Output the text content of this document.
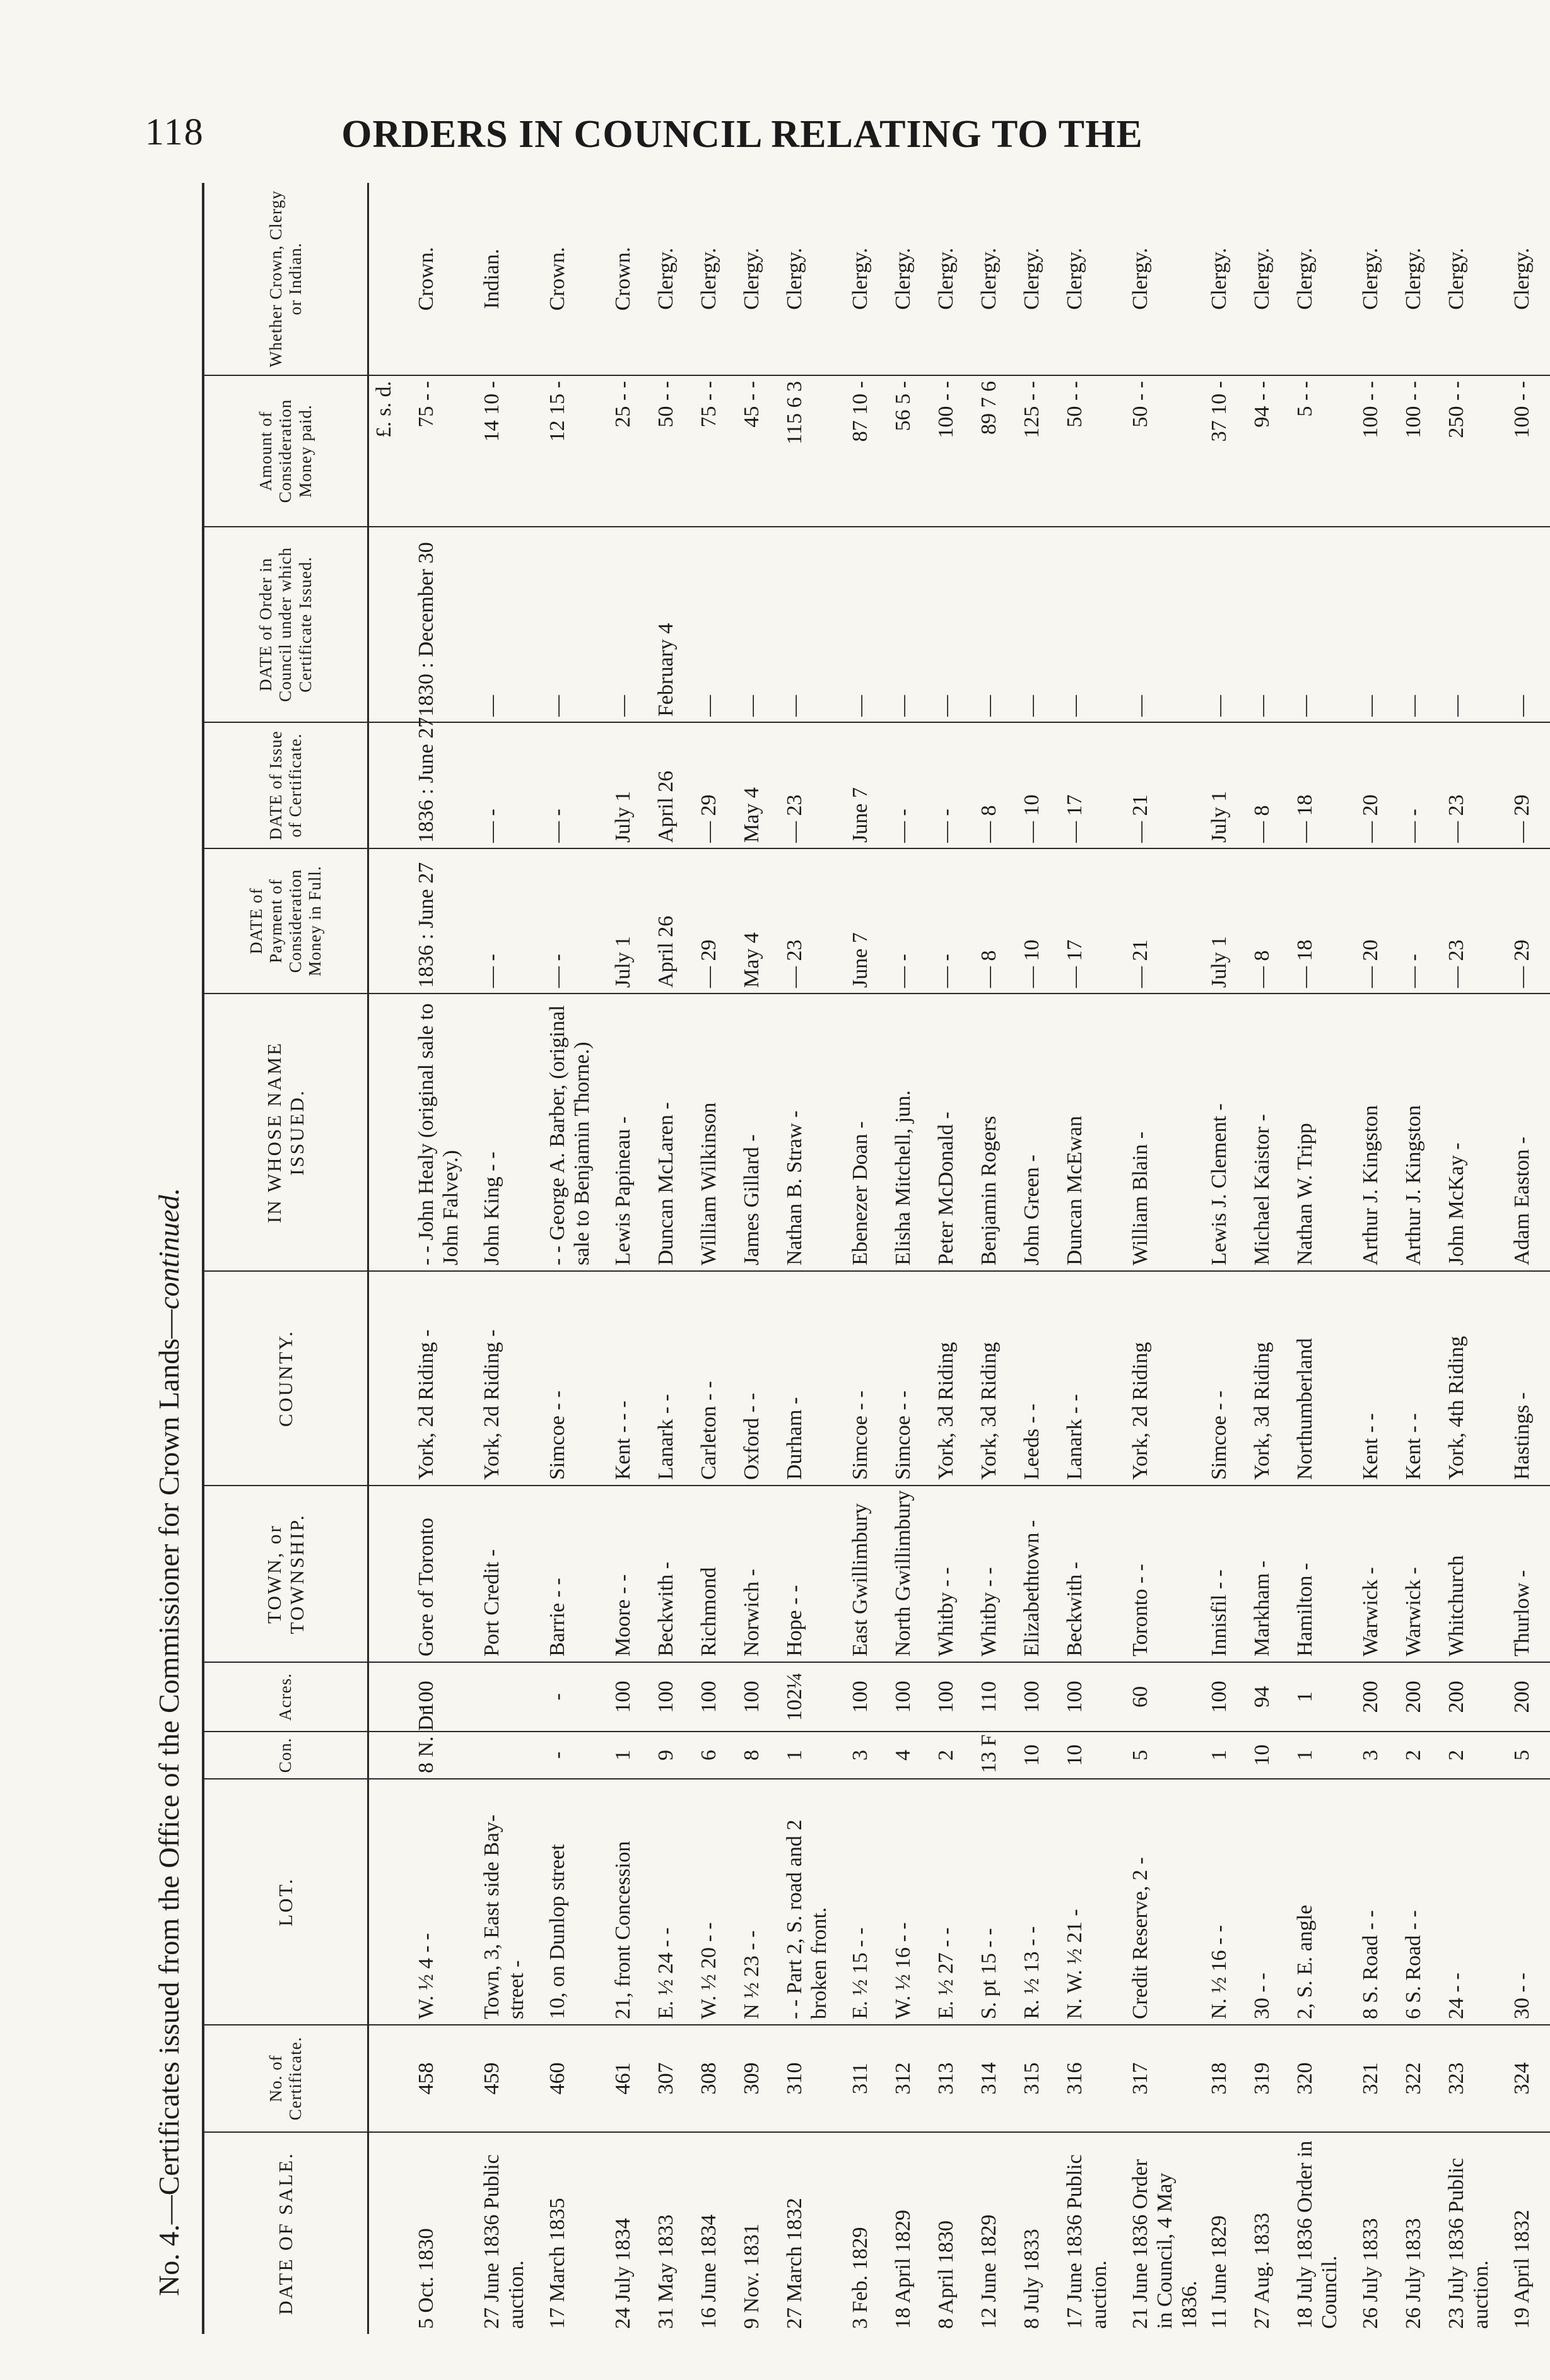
118	ORDERS IN COUNCIL RELATING TO THE
No. 4.—Certificates issued from the Office of the Commissioner for Crown Lands—continued.
DATE OF SALE.	No. of Certificate.	LOT.	Con.	Acres.	TOWN, or TOWNSHIP.	COUNTY.	IN WHOSE NAME ISSUED.	DATE of Payment of Consideration Money in Full.	DATE of Issue of Certificate.	DATE of Order in Council under which Certificate Issued.	Amount of Consideration Money paid.	Whether Crown, Clergy or Indian.
											£. s. d.	
5 Oct. 1830	458	W. ½ 4 - -	8 N. Dn	100	Gore of Toronto	York, 2d Riding -	- - John Healy (original sale to John Falvey.)	1836 : June 27	1836 : June 27	1830 : December 30	75 - -	Crown.
27 June 1836 Public auction.	459	Town, 3, East side Bay-street -			Port Credit -	York, 2d Riding -	John King - -	— -	— -	—	14 10 -	Indian.
17 March 1835	460	10, on Dunlop street	-	-	Barrie - -	Simcoe - -	- - George A. Barber, (original sale to Benjamin Thorne.)	— -	— -	—	12 15 -	Crown.
24 July 1834	461	21, front Concession	1	100	Moore - -	Kent - - -	Lewis Papineau -	July 1	July 1	—	25 - -	Crown.
31 May 1833	307	E. ½ 24 - -	9	100	Beckwith -	Lanark - -	Duncan McLaren -	April 26	April 26	February 4	50 - -	Clergy.
16 June 1834	308	W. ½ 20 - -	6	100	Richmond	Carleton - -	William Wilkinson	— 29	— 29	—	75 - -	Clergy.
9 Nov. 1831	309	N ½ 23 - -	8	100	Norwich -	Oxford - -	James Gillard -	May 4	May 4	—	45 - -	Clergy.
27 March 1832	310	- - Part 2, S. road and 2 broken front.	1	102¼	Hope - -	Durham -	Nathan B. Straw -	— 23	— 23	—	115 6 3	Clergy.
3 Feb. 1829	311	E. ½ 15 - -	3	100	East Gwillimbury	Simcoe - -	Ebenezer Doan -	June 7	June 7	—	87 10 -	Clergy.
18 April 1829	312	W. ½ 16 - -	4	100	North Gwillimbury	Simcoe - -	Elisha Mitchell, jun.	— -	— -	—	56 5 -	Clergy.
8 April 1830	313	E. ½ 27 - -	2	100	Whitby - -	York, 3d Riding	Peter McDonald -	— -	— -	—	100 - -	Clergy.
12 June 1829	314	S. pt 15 - -	13 F	110	Whitby - -	York, 3d Riding	Benjamin Rogers	— 8	— 8	—	89 7 6	Clergy.
8 July 1833	315	R. ½ 13 - -	10	100	Elizabethtown -	Leeds - -	John Green -	— 10	— 10	—	125 - -	Clergy.
17 June 1836 Public auction.	316	N. W. ½ 21 -	10	100	Beckwith -	Lanark - -	Duncan McEwan	— 17	— 17	—	50 - -	Clergy.
21 June 1836 Order in Council, 4 May 1836.	317	Credit Reserve, 2 -	5	60	Toronto - -	York, 2d Riding	William Blain -	— 21	— 21	—	50 - -	Clergy.
11 June 1829	318	N. ½ 16 - -	1	100	Innisfil - -	Simcoe - -	Lewis J. Clement -	July 1	July 1	—	37 10 -	Clergy.
27 Aug. 1833	319	30 - -	10	94	Markham -	York, 3d Riding	Michael Kaistor -	— 8	— 8	—	94 - -	Clergy.
18 July 1836 Order in Council.	320	2, S. E. angle	1	1	Hamilton -	Northumberland	Nathan W. Tripp	— 18	— 18	—	5 - -	Clergy.
26 July 1833	321	8 S. Road - -	3	200	Warwick -	Kent - -	Arthur J. Kingston	— 20	— 20	—	100 - -	Clergy.
26 July 1833	322	6 S. Road - -	2	200	Warwick -	Kent - -	Arthur J. Kingston	— -	— -	—	100 - -	Clergy.
23 July 1836 Public auction.	323	24 - -	2	200	Whitchurch	York, 4th Riding	John McKay -	— 23	— 23	—	250 - -	Clergy.
19 April 1832	324	30 - -	5	200	Thurlow -	Hastings -	Adam Easton -	— 29	— 29	—	100 - -	Clergy.
